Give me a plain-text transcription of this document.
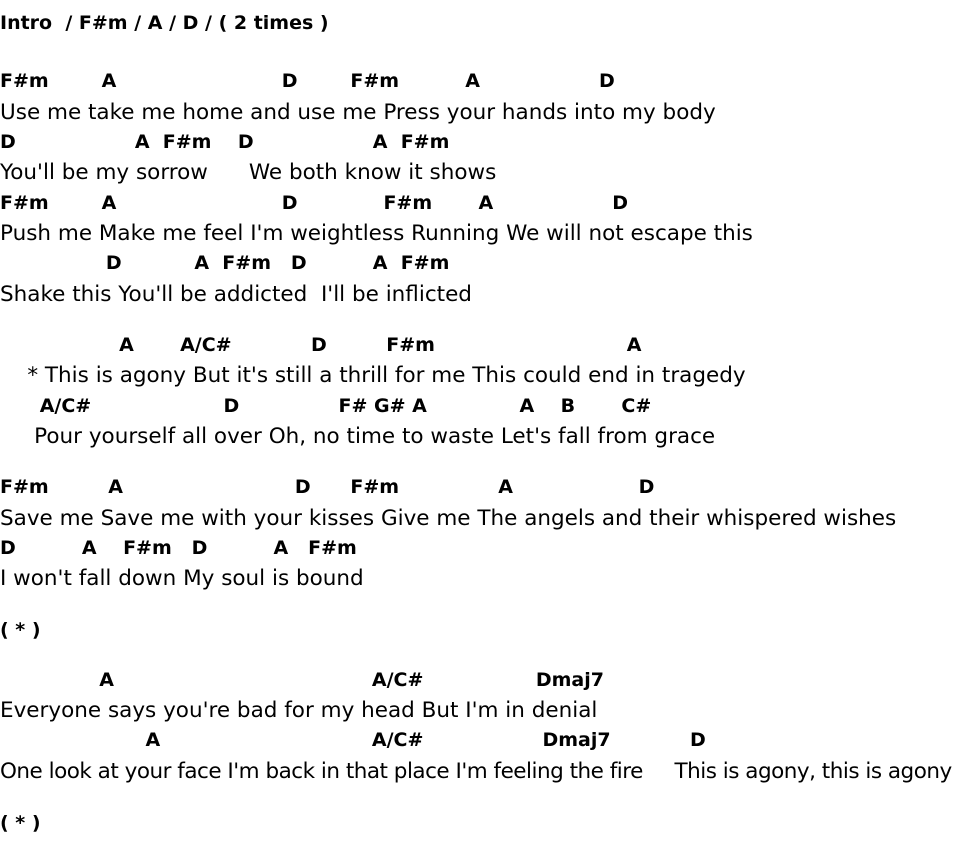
Intro  / F#m / A / D / ( 2 times )
F#m        A                         D        F#m          A                  D
Use me take me home and use me Press your hands into my body
D                  A  F#m    D                  A  F#m
You'll be my sorrow      We both know it shows
F#m        A                         D             F#m       A                  D
Push me Make me feel I'm weightless Running We will not escape this
D           A  F#m   D          A  F#m
Shake this You'll be addicted  I'll be inflicted
A       A/C#            D         F#m                             A
* This is agony But it's still a thrill for me This could end in tragedy
A/C#                    D               F# G# A              A    B       C#
Pour yourself all over Oh, no time to waste Let's fall from grace
F#m         A                          D      F#m               A                   D
Save me Save me with your kisses Give me The angels and their whispered wishes
D          A    F#m   D          A   F#m
I won't fall down My soul is bound
( * )
A                                       A/C#                 Dmaj7
Everyone says you're bad for my head But I'm in denial
A                                A/C#                  Dmaj7            D
One look at your face I'm back in that place I'm feeling the fire     This is agony, this is agony
( * )
